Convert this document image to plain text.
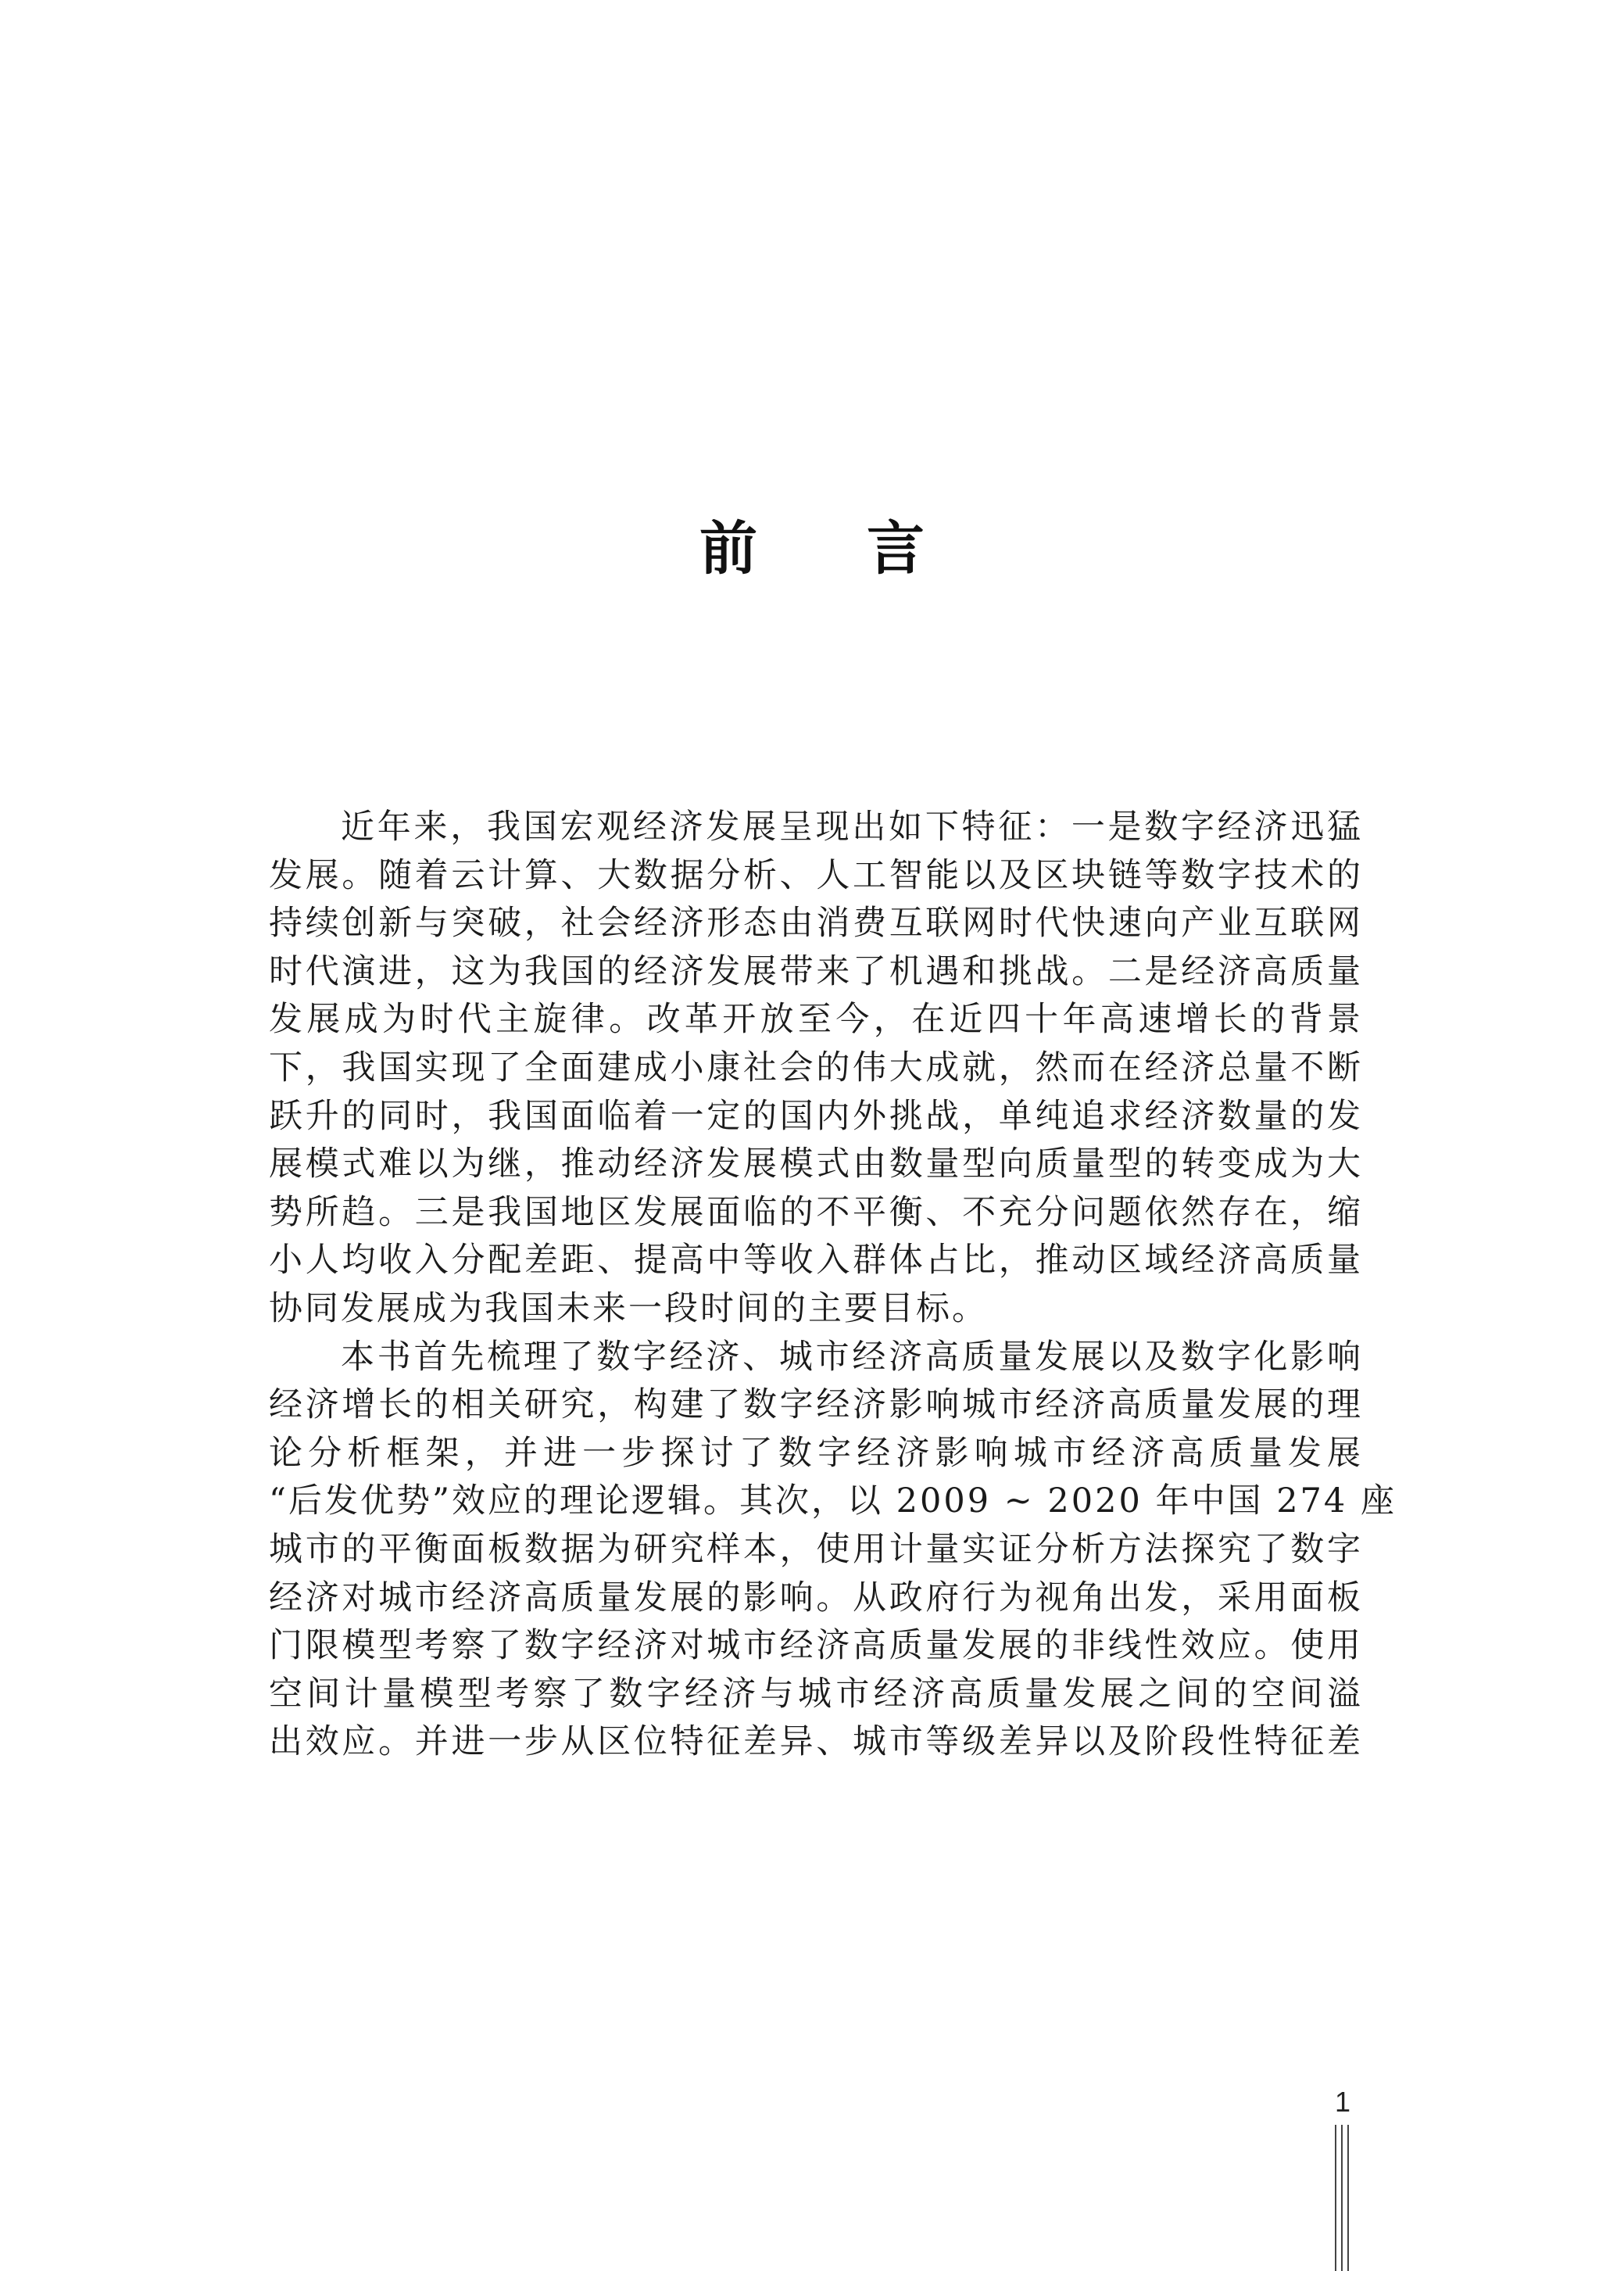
前言
近年来，我国宏观经济发展呈现出如下特征：一是数字经济迅猛
发展。随着云计算、大数据分析、人工智能以及区块链等数字技术的
持续创新与突破，社会经济形态由消费互联网时代快速向产业互联网
时代演进，这为我国的经济发展带来了机遇和挑战。二是经济高质量
发展成为时代主旋律。改革开放至今，在近四十年高速增长的背景
下，我国实现了全面建成小康社会的伟大成就，然而在经济总量不断
跃升的同时，我国面临着一定的国内外挑战，单纯追求经济数量的发
展模式难以为继，推动经济发展模式由数量型向质量型的转变成为大
势所趋。三是我国地区发展面临的不平衡、不充分问题依然存在，缩
小人均收入分配差距、提高中等收入群体占比，推动区域经济高质量
协同发展成为我国未来一段时间的主要目标。
本书首先梳理了数字经济、城市经济高质量发展以及数字化影响
经济增长的相关研究，构建了数字经济影响城市经济高质量发展的理
论分析框架，并进一步探讨了数字经济影响城市经济高质量发展
“后发优势”效应的理论逻辑。其次，以 2009 ~ 2020 年中国 274 座
城市的平衡面板数据为研究样本，使用计量实证分析方法探究了数字
经济对城市经济高质量发展的影响。从政府行为视角出发，采用面板
门限模型考察了数字经济对城市经济高质量发展的非线性效应。使用
空间计量模型考察了数字经济与城市经济高质量发展之间的空间溢
出效应。并进一步从区位特征差异、城市等级差异以及阶段性特征差
1
